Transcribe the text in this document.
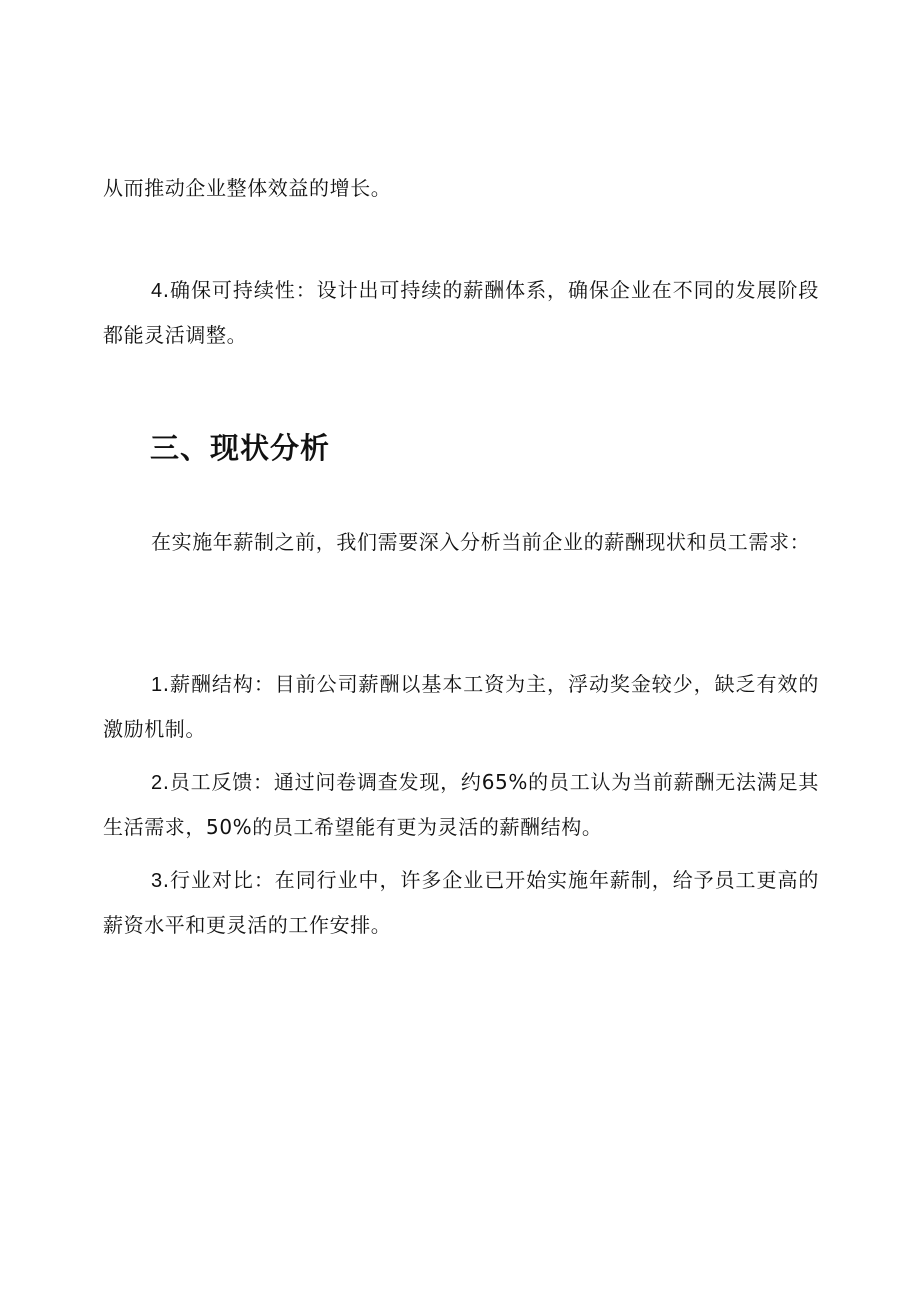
从而推动企业整体效益的增长。

4.确保可持续性：设计出可持续的薪酬体系，确保企业在不同的发展阶段都能灵活调整。

三、现状分析

在实施年薪制之前，我们需要深入分析当前企业的薪酬现状和员工需求：

1.薪酬结构：目前公司薪酬以基本工资为主，浮动奖金较少，缺乏有效的激励机制。

2.员工反馈：通过问卷调查发现，约65%的员工认为当前薪酬无法满足其生活需求，50%的员工希望能有更为灵活的薪酬结构。

3.行业对比：在同行业中，许多企业已开始实施年薪制，给予员工更高的薪资水平和更灵活的工作安排。
